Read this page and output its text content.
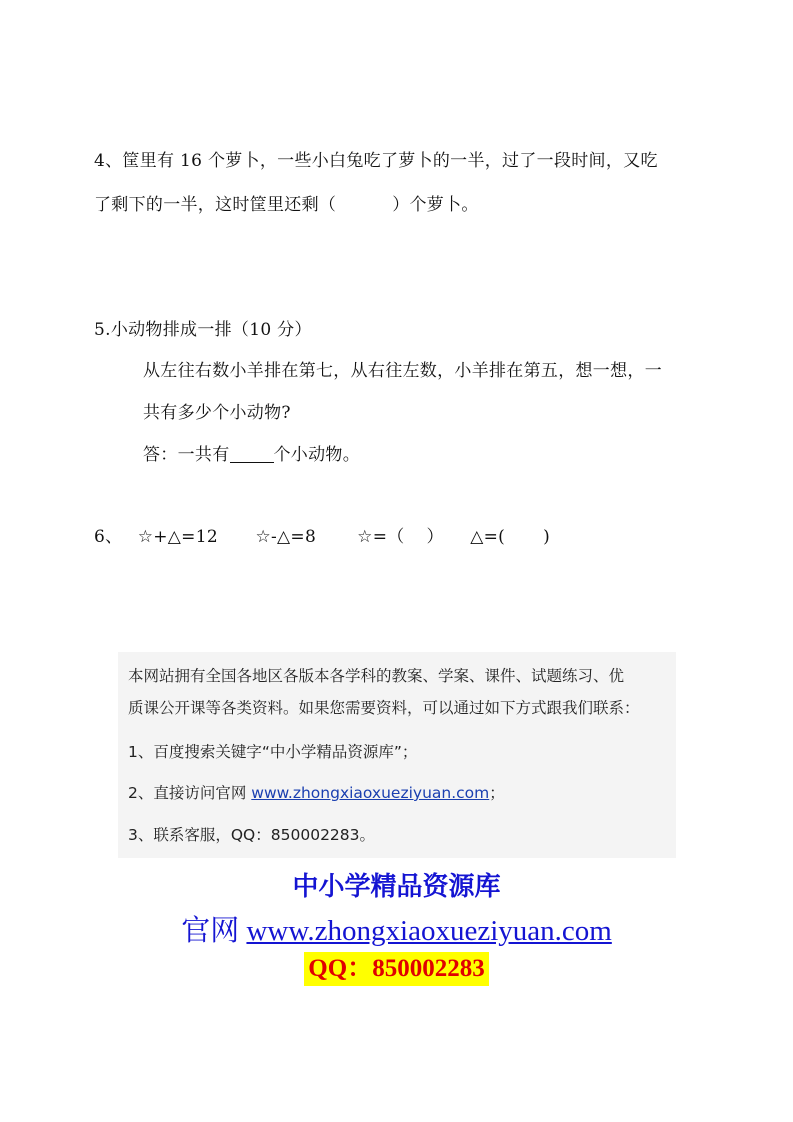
4、筐里有 16 个萝卜，一些小白兔吃了萝卜的一半，过了一段时间，又吃
了剩下的一半，这时筐里还剩（	）个萝卜。
5.小动物排成一排（10 分）
从左往右数小羊排在第七，从右往左数，小羊排在第五，想一想，一
共有多少个小动物?
答：一共有	个小动物。
6、 ☆+△=12 ☆-△=8 ☆=（ ） △=( )
本网站拥有全国各地区各版本各学科的教案、学案、课件、试题练习、优
质课公开课等各类资料。如果您需要资料，可以通过如下方式跟我们联系：
1、百度搜索关键字“中小学精品资源库”；
2、直接访问官网 www.zhongxiaoxueziyuan.com；
3、联系客服，QQ：850002283。
中小学精品资源库
官网 www.zhongxiaoxueziyuan.com
QQ：850002283
